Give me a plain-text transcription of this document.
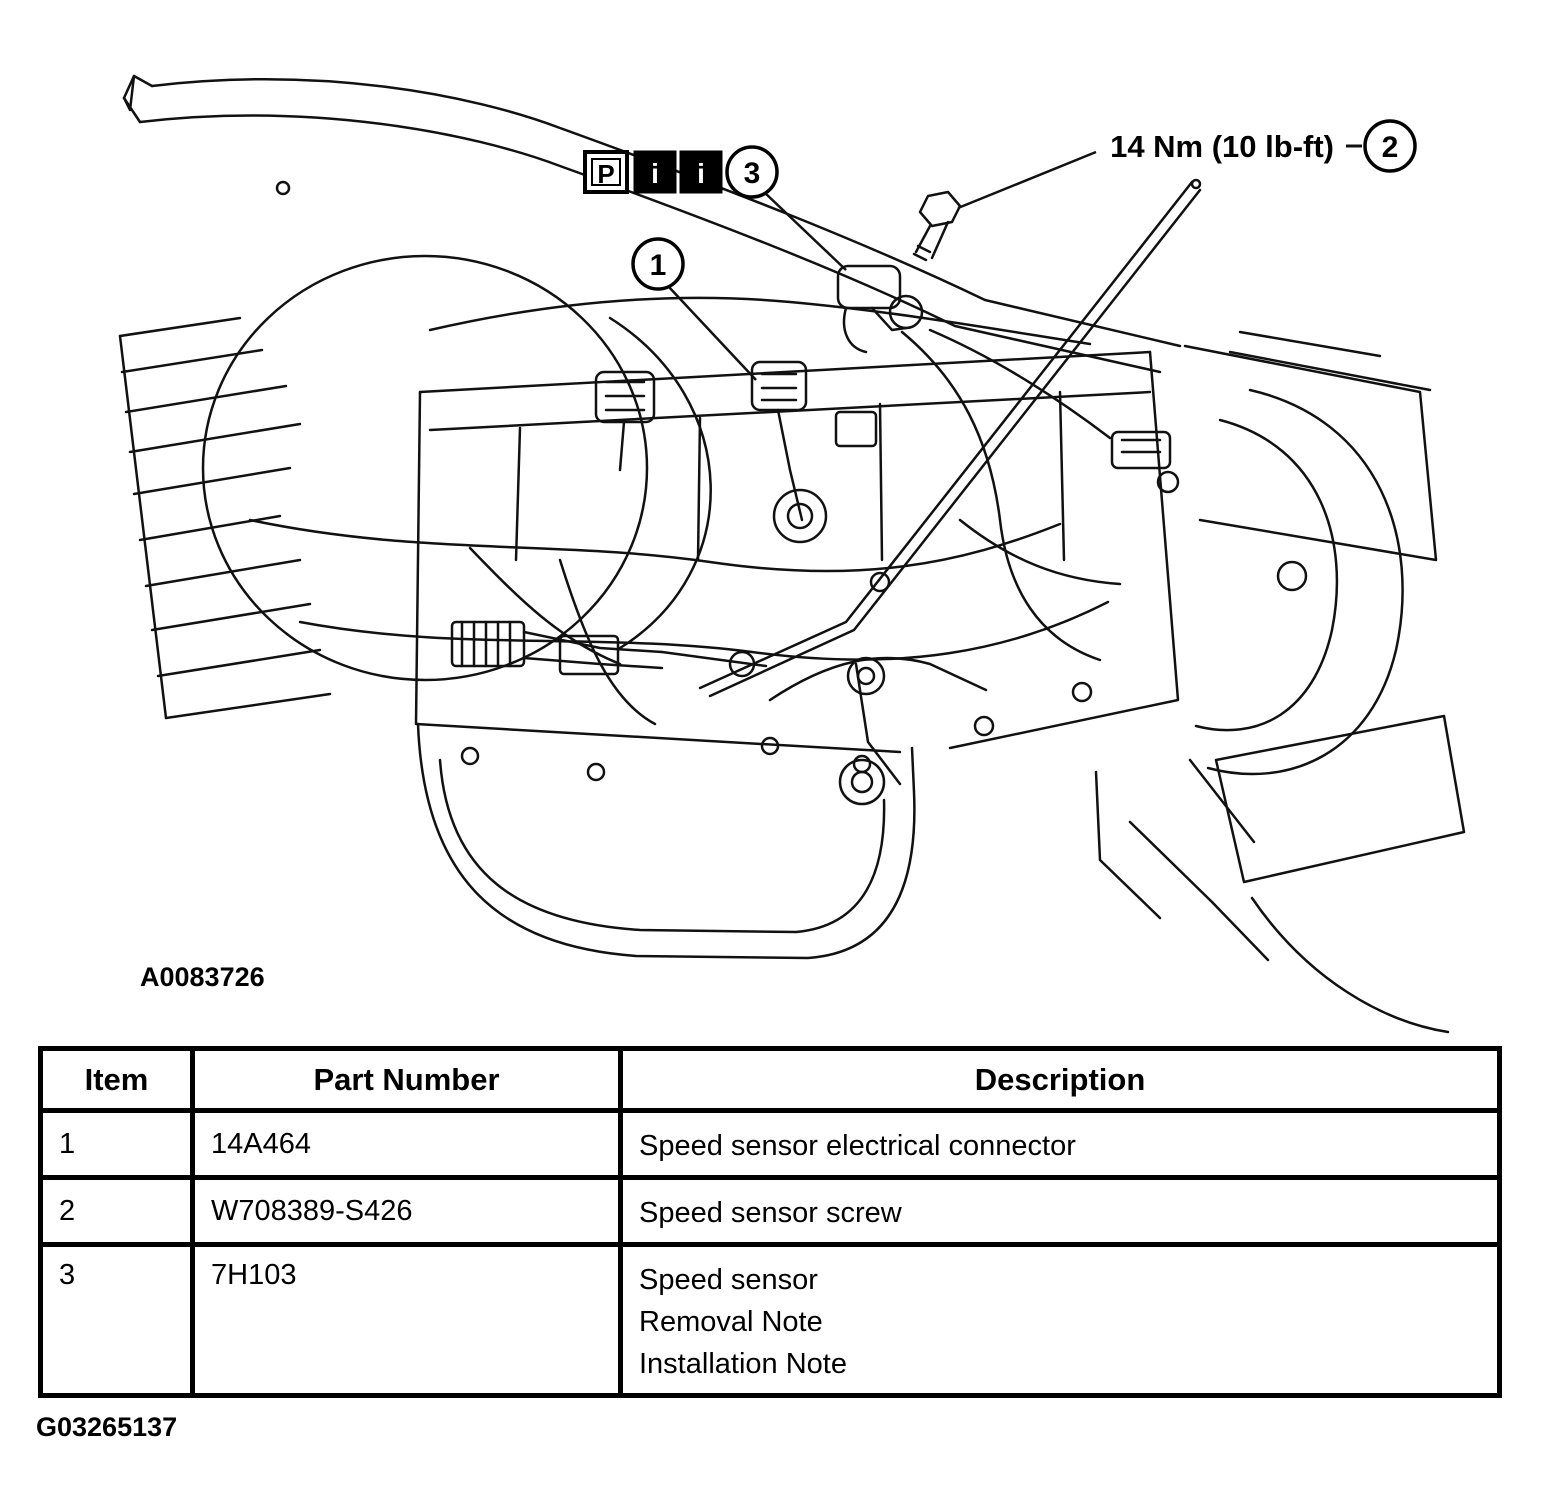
P i i 3
1
2
14 Nm (10 lb-ft)
A0083726
Item	Part Number	Description
1	14A464	Speed sensor electrical connector

2	W708389-S426	Speed sensor screw

3	7H103	Speed sensor
Removal Note
Installation Note
G03265137
